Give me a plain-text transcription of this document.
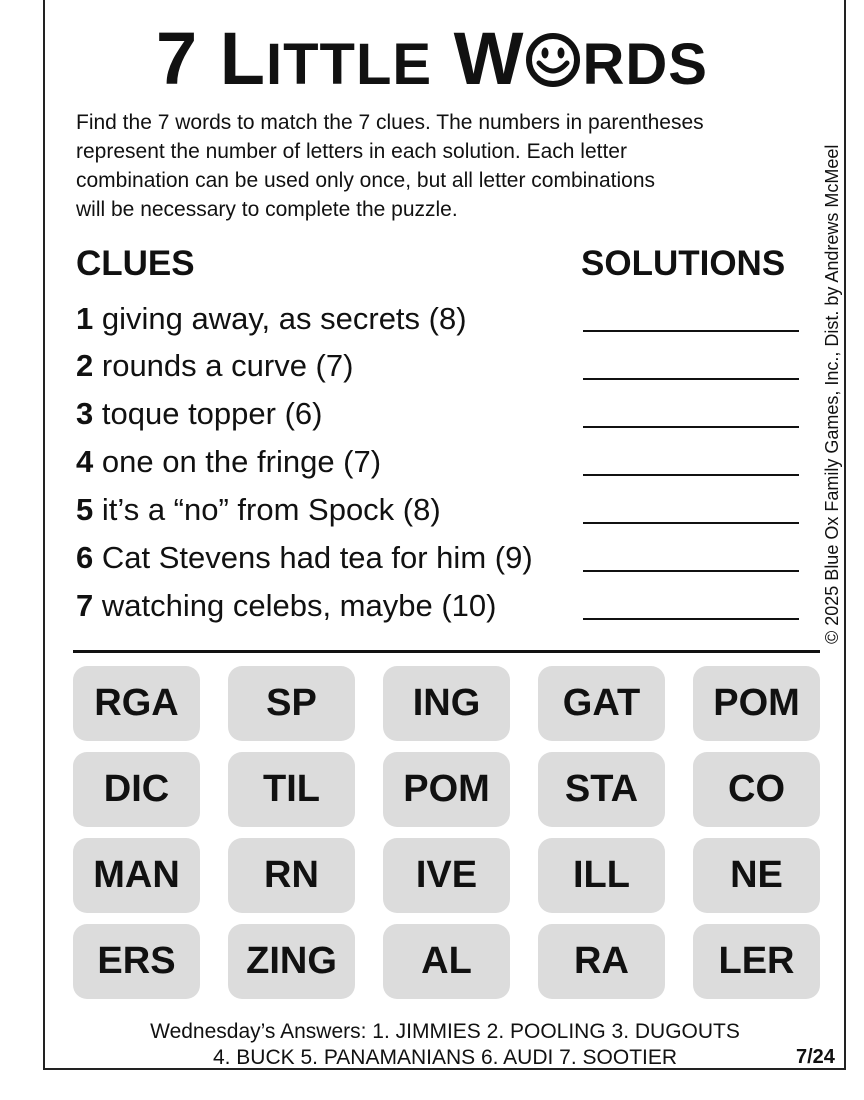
7 LITTLE W RDS
Find the 7 words to match the 7 clues. The numbers in parentheses
represent the number of letters in each solution. Each letter
combination can be used only once, but all letter combinations
will be necessary to complete the puzzle.
CLUES	SOLUTIONS
1 giving away, as secrets (8)
2 rounds a curve (7)
3 toque topper (6)
4 one on the fringe (7)
5 it’s a “no” from Spock (8)
6 Cat Stevens had tea for him (9)
7 watching celebs, maybe (10)	© 2025 Blue Ox Family Games, Inc., Dist. by Andrews McMeel
RGA	SP	ING	GAT	POM
DIC	TIL	POM	STA	CO
MAN	RN	IVE	ILL	NE
ERS	ZING	AL	RA	LER
Wednesday’s Answers: 1. JIMMIES 2. POOLING 3. DUGOUTS
4. BUCK 5. PANAMANIANS 6. AUDI 7. SOOTIER	7/24
